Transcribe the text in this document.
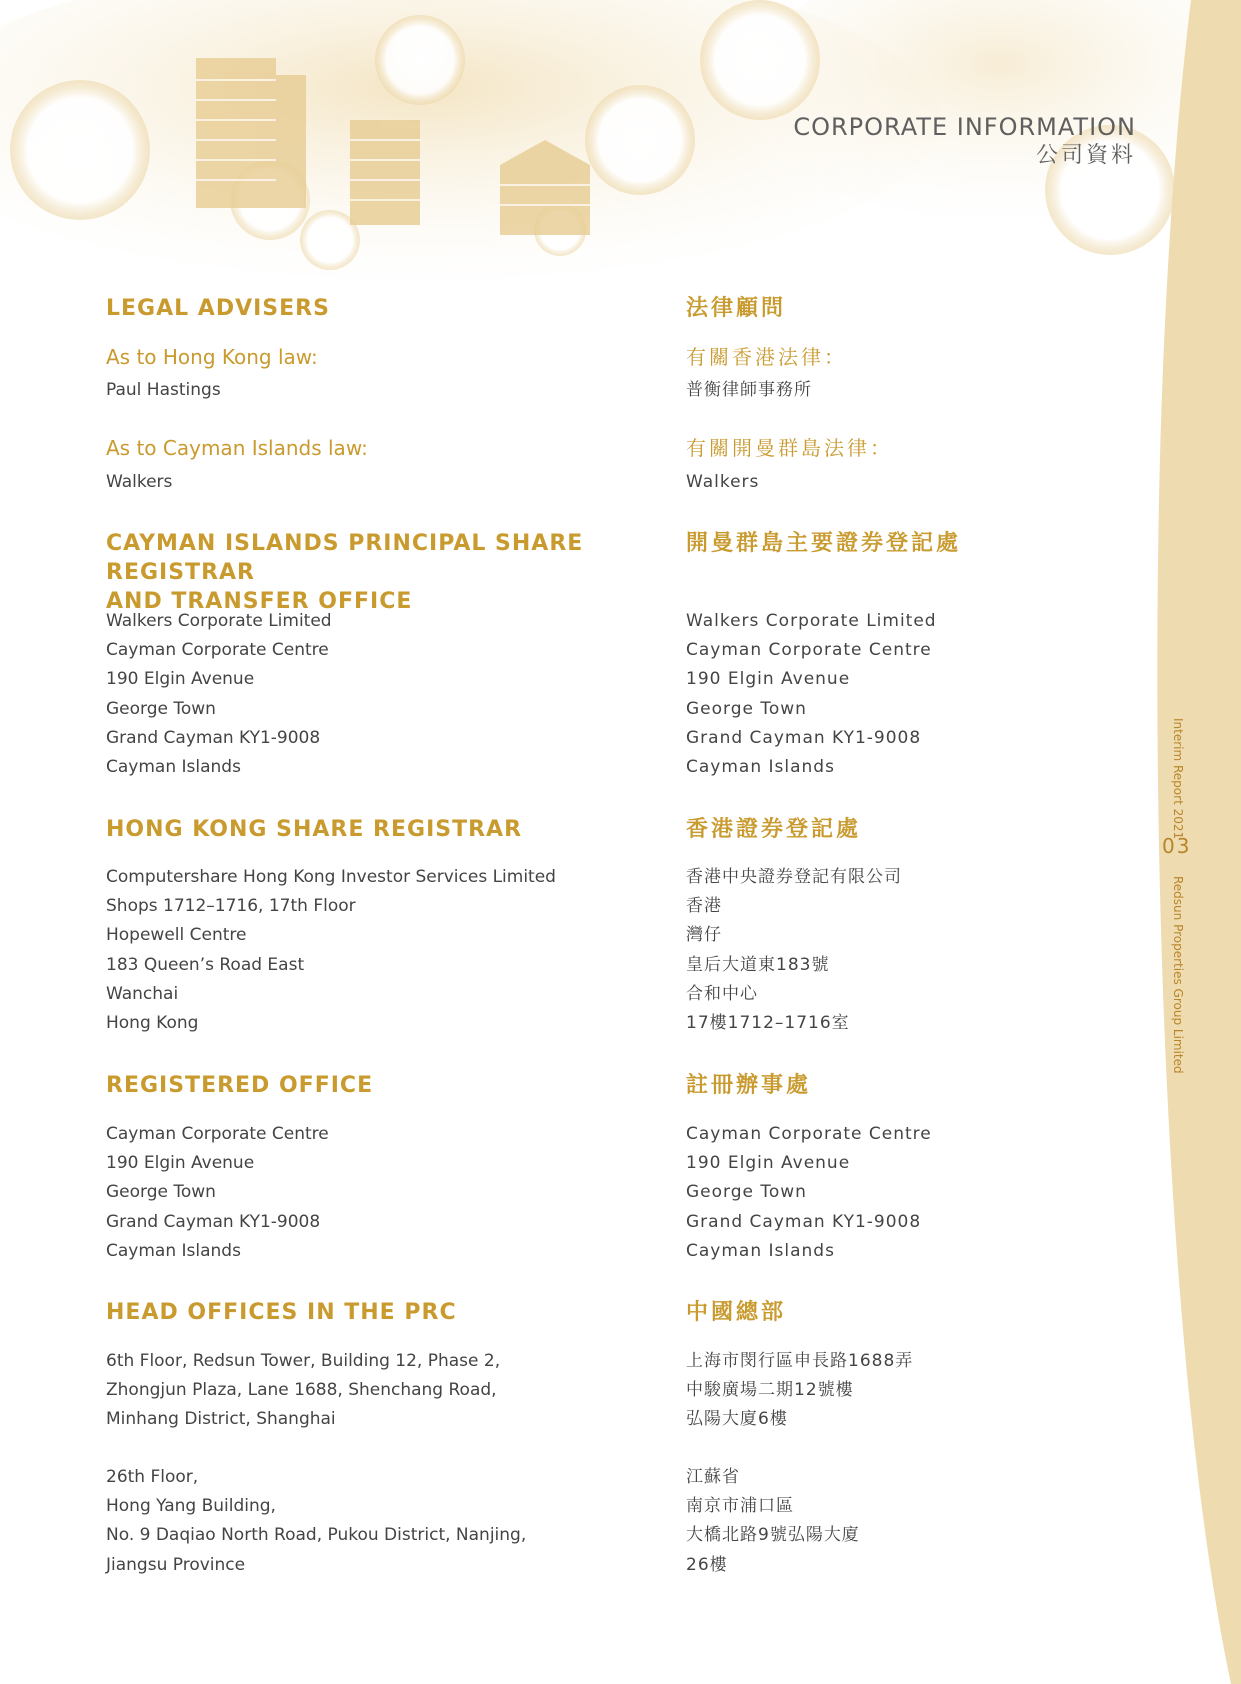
CORPORATE INFORMATION
公司資料
Interim Report 2021
03
Redsun Properties Group Limited
LEGAL ADVISERS

As to Hong Kong law:

Paul Hastings

As to Cayman Islands law:

Walkers
CAYMAN ISLANDS PRINCIPAL SHARE REGISTRAR
AND TRANSFER OFFICE
Walkers Corporate Limited
Cayman Corporate Centre
190 Elgin Avenue
George Town
Grand Cayman KY1-9008
Cayman Islands
HONG KONG SHARE REGISTRAR
Computershare Hong Kong Investor Services Limited
Shops 1712–1716, 17th Floor
Hopewell Centre
183 Queen’s Road East
Wanchai
Hong Kong
REGISTERED OFFICE
Cayman Corporate Centre
190 Elgin Avenue
George Town
Grand Cayman KY1-9008
Cayman Islands
HEAD OFFICES IN THE PRC
6th Floor, Redsun Tower, Building 12, Phase 2,
Zhongjun Plaza, Lane 1688, Shenchang Road,
Minhang District, Shanghai
26th Floor,
Hong Yang Building,
No. 9 Daqiao North Road, Pukou District, Nanjing,
Jiangsu Province
法律顧問

有關香港法律：

普衡律師事務所

有關開曼群島法律：

Walkers
開曼群島主要證券登記處
Walkers Corporate Limited
Cayman Corporate Centre
190 Elgin Avenue
George Town
Grand Cayman KY1-9008
Cayman Islands
香港證券登記處
香港中央證券登記有限公司
香港
灣仔
皇后大道東183號
合和中心
17樓1712–1716室
註冊辦事處
Cayman Corporate Centre
190 Elgin Avenue
George Town
Grand Cayman KY1-9008
Cayman Islands
中國總部
上海市閔行區申長路1688弄
中駿廣場二期12號樓
弘陽大廈6樓
江蘇省
南京市浦口區
大橋北路9號弘陽大廈
26樓
